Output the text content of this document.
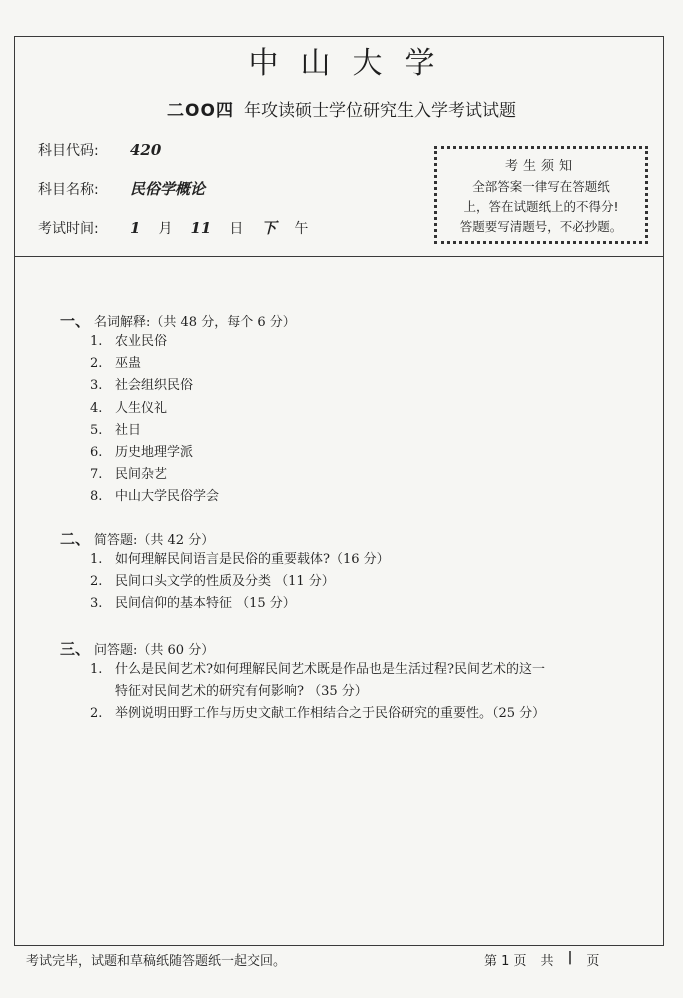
中山大学
二OO四 年攻读硕士学位研究生入学考试试题
科目代码:	420
科目名称:	民俗学概论
考试时间:	1 月 11 日 下 午
考生须知
全部答案一律写在答题纸
上，答在试题纸上的不得分!
答题要写清题号，不必抄题。
一、 名词解释:（共 48 分，每个 6 分）
1. 农业民俗
2. 巫蛊
3. 社会组织民俗
4. 人生仪礼
5. 社日
6. 历史地理学派
7. 民间杂艺
8. 中山大学民俗学会
二、 简答题:（共 42 分）
1. 如何理解民间语言是民俗的重要载体?（16 分）
2. 民间口头文学的性质及分类 （11 分）
3. 民间信仰的基本特征 （15 分）
三、 问答题:（共 60 分）
1. 什么是民间艺术?如何理解民间艺术既是作品也是生活过程?民间艺术的这一
特征对民间艺术的研究有何影响? （35 分）
2. 举例说明田野工作与历史文献工作相结合之于民俗研究的重要性。（25 分）
考试完毕，试题和草稿纸随答题纸一起交回。	第 1 页 共 | 页
